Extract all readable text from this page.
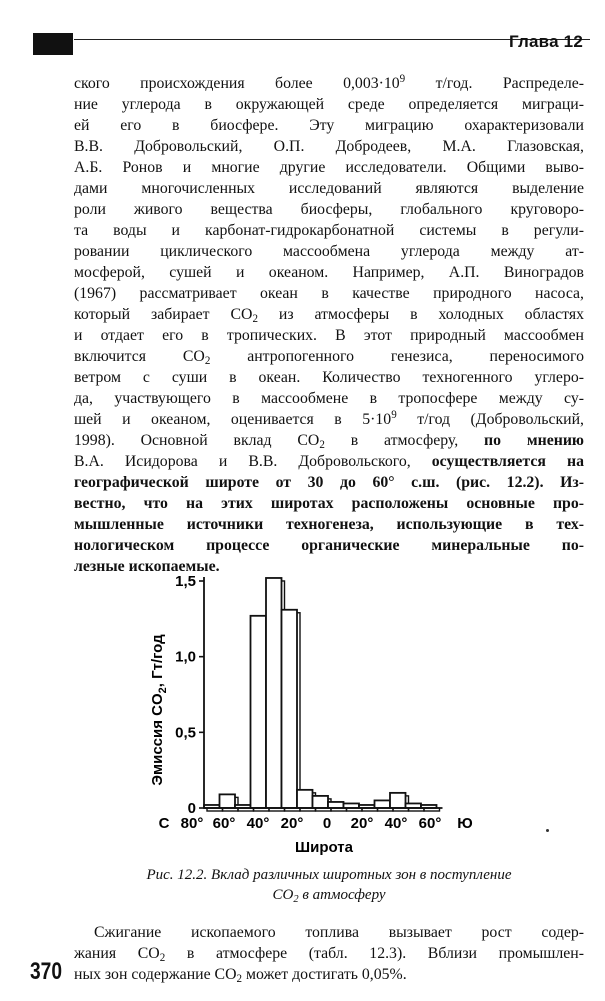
Глава 12

ского происхождения более $0,003\cdot 10^9$ т/год. Распределе-
ние углерода в окружающей среде определяется миграци-
ей его в биосфере. Эту миграцию охарактеризовали
В.В. Добровольский, О.П. Добродеев, М.А. Глазовская,
А.Б. Ронов и многие другие исследователи. Общими выво-
дами многочисленных исследований являются выделение
роли живого вещества биосферы, глобального круговоро-
та воды и карбонат-гидрокарбонатной системы в регули-
ровании циклического массообмена углерода между ат-
мосферой, сушей и океаном. Например, А.П. Виноградов
(1967) рассматривает океан в качестве природного насоса,
который забирает $CO_2$ из атмосферы в холодных областях
и отдает его в тропических. В этот природный массообмен
включится $CO_2$ антропогенного генезиса, переносимого
ветром с суши в океан. Количество техногенного углеро-
да, участвующего в массообмене в тропосфере между су-
шей и океаном, оценивается в $5\cdot 10^9$ т/год (Добровольский,
1998). Основной вклад $CO_2$ в атмосферу, по мнению
В.А. Исидорова и В.В. Добровольского, осуществляется на
географической широте от 30 до 60° с.ш. (рис. 12.2). Из-
вестно, что на этих широтах расположены основные про-
мышленные источники техногенеза, использующие в тех-
нологическом процессе органические минеральные по-
лезные ископаемые.

0
0,5
1,0
1,5
С 80° 60° 40° 20° 0 20° 40° 60° Ю
Широта
Эмиссия $CO_2$, Гт/год
Рис. 12.2. Вклад различных широтных зон в поступление
$CO_2$ в атмосферу

Сжигание ископаемого топлива вызывает рост содер-
жания $CO_2$ в атмосфере (табл. 12.3). Вблизи промышлен-
ных зон содержание $CO_2$ может достигать 0,05%.

370
